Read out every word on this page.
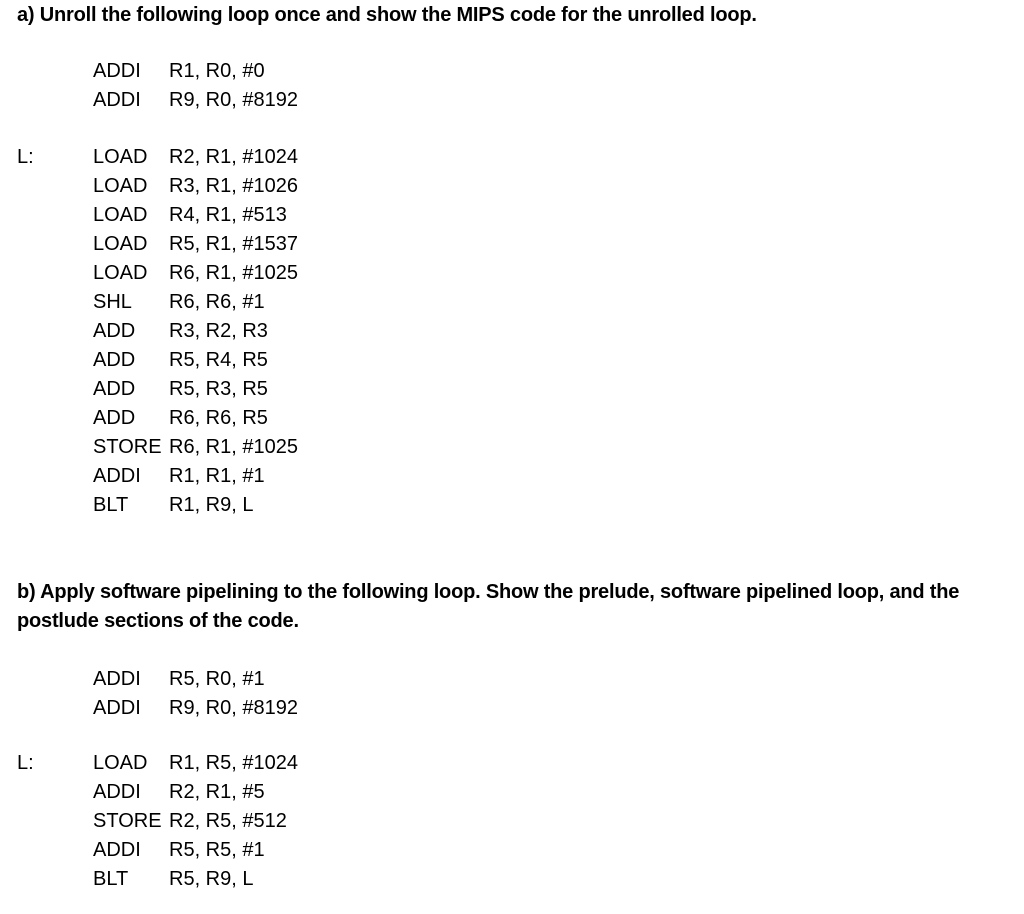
a) Unroll the following loop once and show the MIPS code for the unrolled loop.
ADDI R1, R0, #0
ADDI R9, R0, #8192
L:	LOAD R2, R1, #1024
LOAD R3, R1, #1026
LOAD R4, R1, #513
LOAD R5, R1, #1537
LOAD R6, R1, #1025
SHL R6, R6, #1
ADD R3, R2, R3
ADD R5, R4, R5
ADD R5, R3, R5
ADD R6, R6, R5
STORE R6, R1, #1025
ADDI R1, R1, #1
BLT R1, R9, L
b) Apply software pipelining to the following loop. Show the prelude, software pipelined loop, and the postlude sections of the code.
ADDI R5, R0, #1
ADDI R9, R0, #8192
L:	LOAD R1, R5, #1024
ADDI R2, R1, #5
STORE R2, R5, #512
ADDI R5, R5, #1
BLT R5, R9, L
